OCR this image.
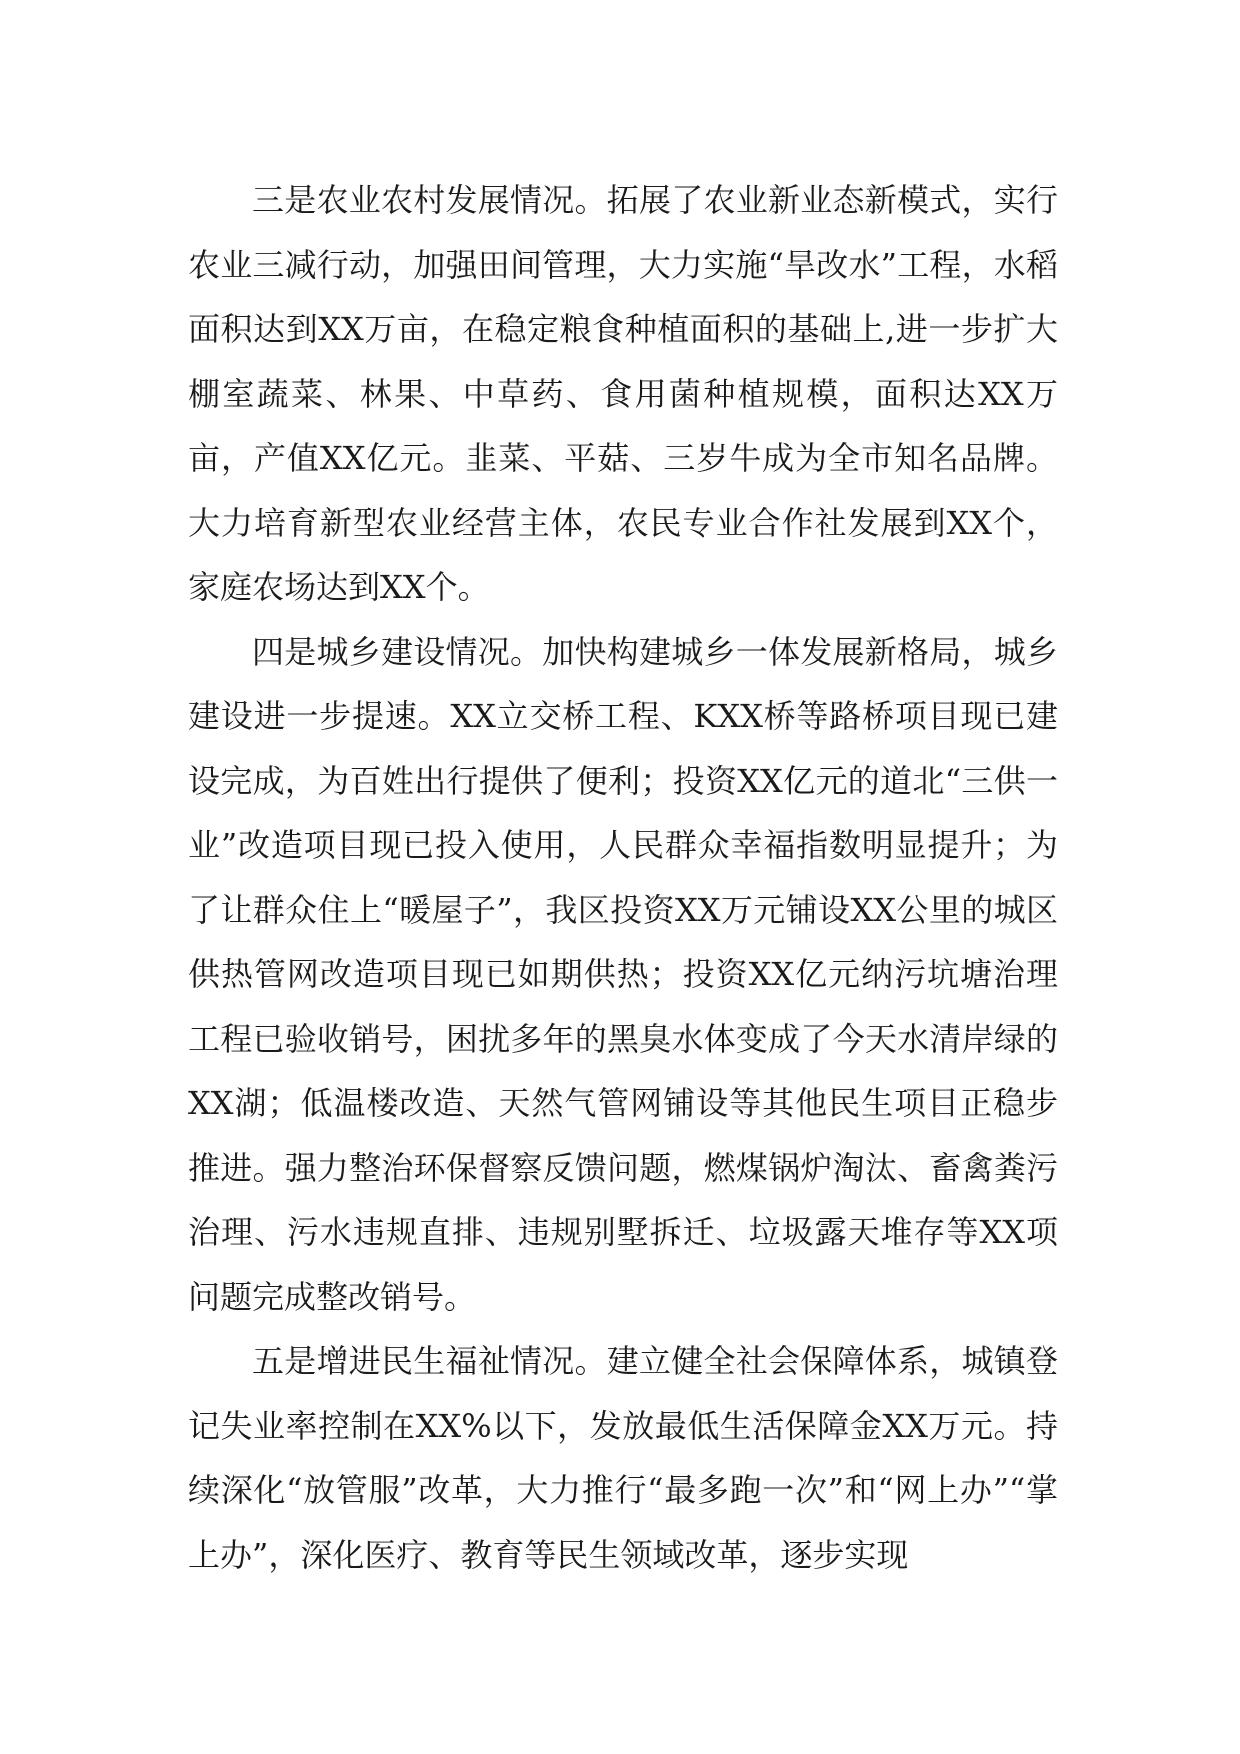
三是农业农村发展情况。拓展了农业新业态新模式，实行农业三减行动，加强田间管理，大力实施“旱改水”工程，水稻面积达到XX万亩，在稳定粮食种植面积的基础上,进一步扩大棚室蔬菜、林果、中草药、食用菌种植规模，面积达XX万亩，产值XX亿元。韭菜、平菇、三岁牛成为全市知名品牌。大力培育新型农业经营主体，农民专业合作社发展到XX个，家庭农场达到XX个。

四是城乡建设情况。加快构建城乡一体发展新格局，城乡建设进一步提速。XX立交桥工程、KXX桥等路桥项目现已建设完成，为百姓出行提供了便利；投资XX亿元的道北“三供一业”改造项目现已投入使用，人民群众幸福指数明显提升；为了让群众住上“暖屋子”，我区投资XX万元铺设XX公里的城区供热管网改造项目现已如期供热；投资XX亿元纳污坑塘治理工程已验收销号，困扰多年的黑臭水体变成了今天水清岸绿的XX湖；低温楼改造、天然气管网铺设等其他民生项目正稳步推进。强力整治环保督察反馈问题，燃煤锅炉淘汰、畜禽粪污治理、污水违规直排、违规别墅拆迁、垃圾露天堆存等XX项问题完成整改销号。

五是增进民生福祉情况。建立健全社会保障体系，城镇登记失业率控制在XX%以下，发放最低生活保障金XX万元。持续深化“放管服”改革，大力推行“最多跑一次”和“网上办”“掌上办”，深化医疗、教育等民生领域改革，逐步实现
